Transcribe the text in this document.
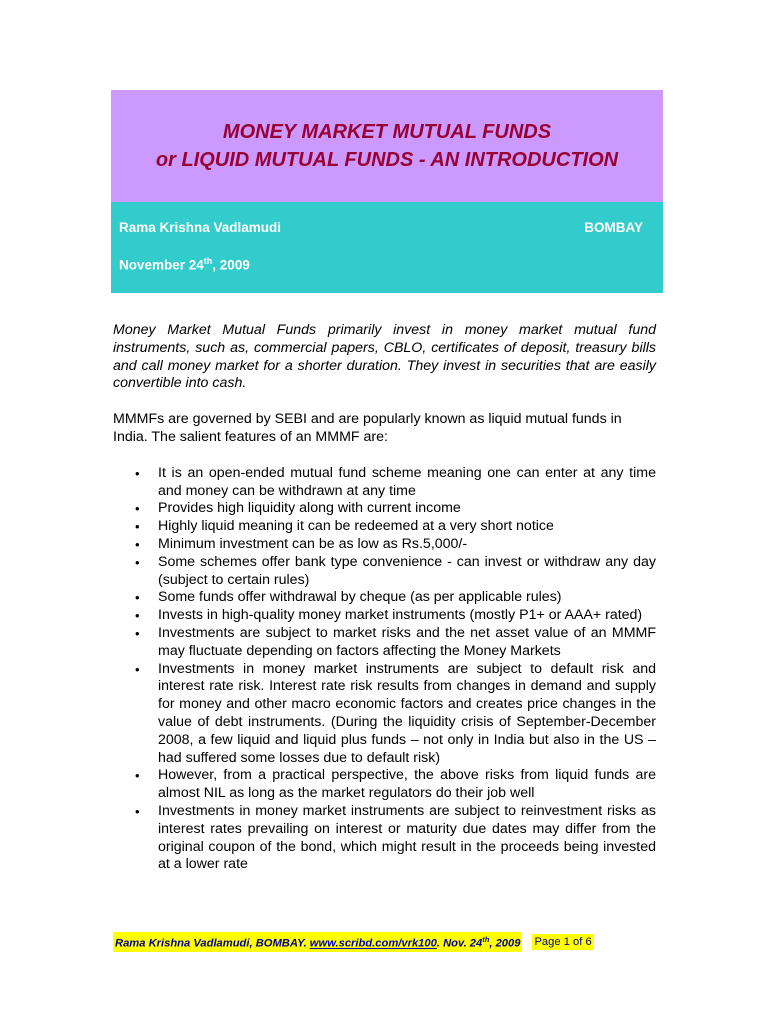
MONEY MARKET MUTUAL FUNDS
or LIQUID MUTUAL FUNDS - AN INTRODUCTION
Rama Krishna Vadlamudi	BOMBAY
November 24th, 2009

Money Market Mutual Funds primarily invest in money market mutual fund instruments, such as, commercial papers, CBLO, certificates of deposit, treasury bills and call money market for a shorter duration. They invest in securities that are easily convertible into cash.

MMMFs are governed by SEBI and are popularly known as liquid mutual funds in India. The salient features of an MMMF are:

• It is an open-ended mutual fund scheme meaning one can enter at any time and money can be withdrawn at any time
• Provides high liquidity along with current income
• Highly liquid meaning it can be redeemed at a very short notice
• Minimum investment can be as low as Rs.5,000/-
• Some schemes offer bank type convenience - can invest or withdraw any day (subject to certain rules)
• Some funds offer withdrawal by cheque (as per applicable rules)
• Invests in high-quality money market instruments (mostly P1+ or AAA+ rated)
• Investments are subject to market risks and the net asset value of an MMMF may fluctuate depending on factors affecting the Money Markets
• Investments in money market instruments are subject to default risk and interest rate risk. Interest rate risk results from changes in demand and supply for money and other macro economic factors and creates price changes in the value of debt instruments. (During the liquidity crisis of September-December 2008, a few liquid and liquid plus funds – not only in India but also in the US – had suffered some losses due to default risk)
• However, from a practical perspective, the above risks from liquid funds are almost NIL as long as the market regulators do their job well
• Investments in money market instruments are subject to reinvestment risks as interest rates prevailing on interest or maturity due dates may differ from the original coupon of the bond, which might result in the proceeds being invested at a lower rate
Rama Krishna Vadlamudi, BOMBAY. www.scribd.com/vrk100. Nov. 24th, 2009 Page 1 of 6
